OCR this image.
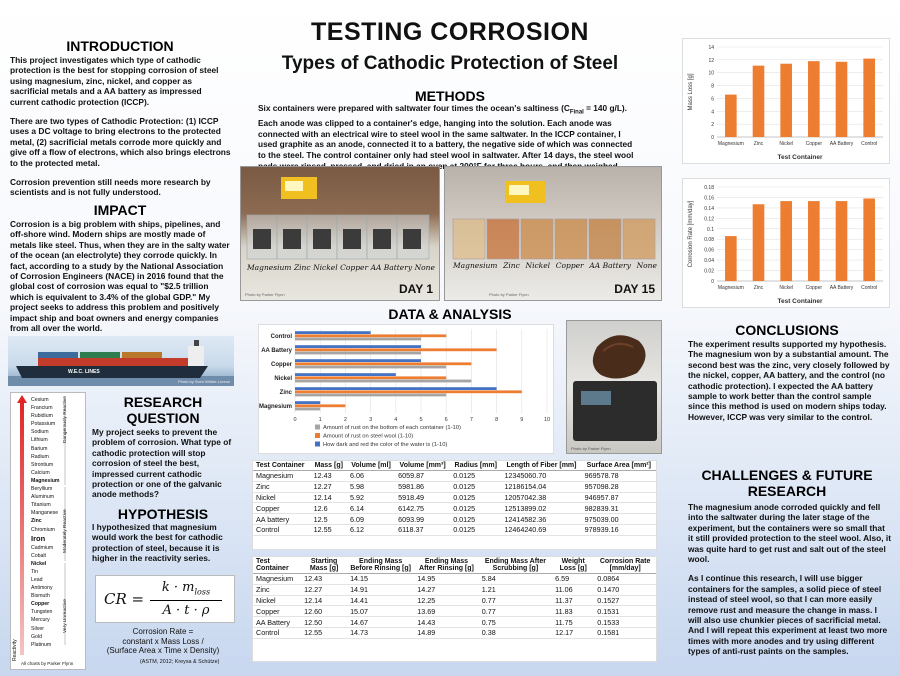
TESTING CORROSION
Types of Cathodic Protection of Steel
INTRODUCTION

This project investigates which type of cathodic protection is the best for stopping corrosion of steel using magnesium, zinc, nickel, and copper as sacrificial metals and a AA battery as impressed current cathodic protection (ICCP).

There are two types of Cathodic Protection: (1) ICCP uses a DC voltage to bring electrons to the protected metal, (2) sacrificial metals corrode more quickly and give off a flow of electrons, which also brings electrons to the protected metal.

Corrosion prevention still needs more research by scientists and is not fully understood.

IMPACT
Corrosion is a big problem with ships, pipelines, and off-shore wind. Modern ships are mostly made of metals like steel. Thus, when they are in the salty water of the ocean (an electrolyte) they corrode quickly. In fact, according to a study by the National Association of Corrosion Engineers (NACE) in 2016 found that the global cost of corrosion was equal to "$2.5 trillion which is equivalent to 3.4% of the global GDP." My project seeks to address this problem and positively impact ship and boat owners and energy companies from all over the world.
W.E.C. LINES
Photo by Sven Wilder-Lorenz
Cesium
Francium
Rubidium
Potassium
Sodium
Lithium
Barium
Radium
Strontium
Calcium
Magnesium
Beryllium
Aluminum
Titanium
Manganese
Zinc
Chromium
Iron
Cadmium
Cobalt
Nickel
Tin
Lead
Antimony
Bismuth
Copper
Tungsten
Mercury
Silver
Gold
Platinum
Dangerously Reactive
Moderately Reactive
Very Unreactive
Reactivity
All charts by Parker Flynn
RESEARCH QUESTION
My project seeks to prevent the problem of corrosion. What type of cathodic protection will stop corrosion of steel the best, impressed current cathodic protection or one of the galvanic anode methods?
HYPOTHESIS
I hypothesized that magnesium would work the best for cathodic protection of steel, because it is higher in the reactivity series.
CR =
$k \cdot m_{loss}$
A · t · ρ
Corrosion Rate =
constant x Mass Loss /
(Surface Area x Time x Density)
(ASTM, 2012; Kreysa & Schütze)
METHODS
Six containers were prepared with saltwater four times the ocean's saltiness ($C_{Final} = 140$ g/L). Each anode was clipped to a container's edge, hanging into the solution. Each anode was connected with an electrical wire to steel wool in the same saltwater. In the ICCP container, I used graphite as an anode, connected it to a battery, the negative side of which was connected to the steel. The control container only had steel wool in saltwater. After 14 days, the steel wool
Magnesium Zinc Nickel Copper AA Battery None
DAY 1
Photo by Parker Flynn
Magnesium Zinc Nickel Copper AA Battery None
DAY 15
Photo by Parker Flynn
DATA & ANALYSIS
0	1	2	3	4	5	6	7	8	9	10
Magnesium
Zinc
Nickel
Copper
AA Battery
Control
Amount of rust on the bottom of each container (1-10)
Amount of rust on steel wool (1-10)
How dark and red the color of the water is (1-10)
Photo by Parker Flynn
Test Container	Mass [g]	Volume [ml]	Volume [mm³]	Radius [mm]	Length of Fiber [mm]	Surface Area [mm²]
Magnesium	12.43	6.06	6059.87	0.0125	12345060.70	969578.78
Zinc	12.27	5.98	5981.86	0.0125	12186154.04	957098.28
Nickel	12.14	5.92	5918.49	0.0125	12057042.38	946957.87
Copper	12.6	6.14	6142.75	0.0125	12513899.02	982839.31
AA battery	12.5	6.09	6093.99	0.0125	12414582.36	975039.00
Control	12.55	6.12	6118.37	0.0125	12464240.69	978939.16
Test Container	Starting Mass [g]	Ending Mass Before Rinsing [g]	Ending Mass After Rinsing [g]	Ending Mass After Scrubbing [g]	Weight Loss [g]	Corrosion Rate [mm/day]
Magnesium	12.43	14.15	14.95	5.84	6.59	0.0864
Zinc	12.27	14.91	14.27	1.21	11.06	0.1470
Nickel	12.14	14.41	12.25	0.77	11.37	0.1527
Copper	12.60	15.07	13.69	0.77	11.83	0.1531
AA Battery	12.50	14.67	14.43	0.75	11.75	0.1533
Control	12.55	14.73	14.89	0.38	12.17	0.1581
0
2
4
6
8
10
12
14
Magnesium Zinc	Nickel	Copper AA Battery Control
Test Container
Mass Loss [g]
0
0.02
0.04
0.06
0.08
0.1
0.12
0.14
0.16
0.18
Magnesium Zinc	Nickel	Copper AA Battery Control
Test Container
Corrosion Rate [mm/day]
CONCLUSIONS
The experiment results supported my hypothesis. The magnesium won by a substantial amount. The second best was the zinc, very closely followed by the nickel, copper, AA battery, and the control (no cathodic protection). I expected the AA battery sample to work better than the control sample since this method is used on modern ships today. However, ICCP was very similar to the control.
CHALLENGES & FUTURE RESEARCH

The magnesium anode corroded quickly and fell into the saltwater during the later stage of the experiment, but the containers were so small that it still provided protection to the steel wool. Also, it was quite hard to get rust and salt out of the steel wool.

As I continue this research, I will use bigger containers for the samples, a solid piece of steel instead of steel wool, so that I can more easily remove rust and measure the change in mass. I will also use chunkier pieces of sacrificial metal. And I will repeat this experiment at least two more times with more anodes and try using different types of anti-rust paints on the samples.
